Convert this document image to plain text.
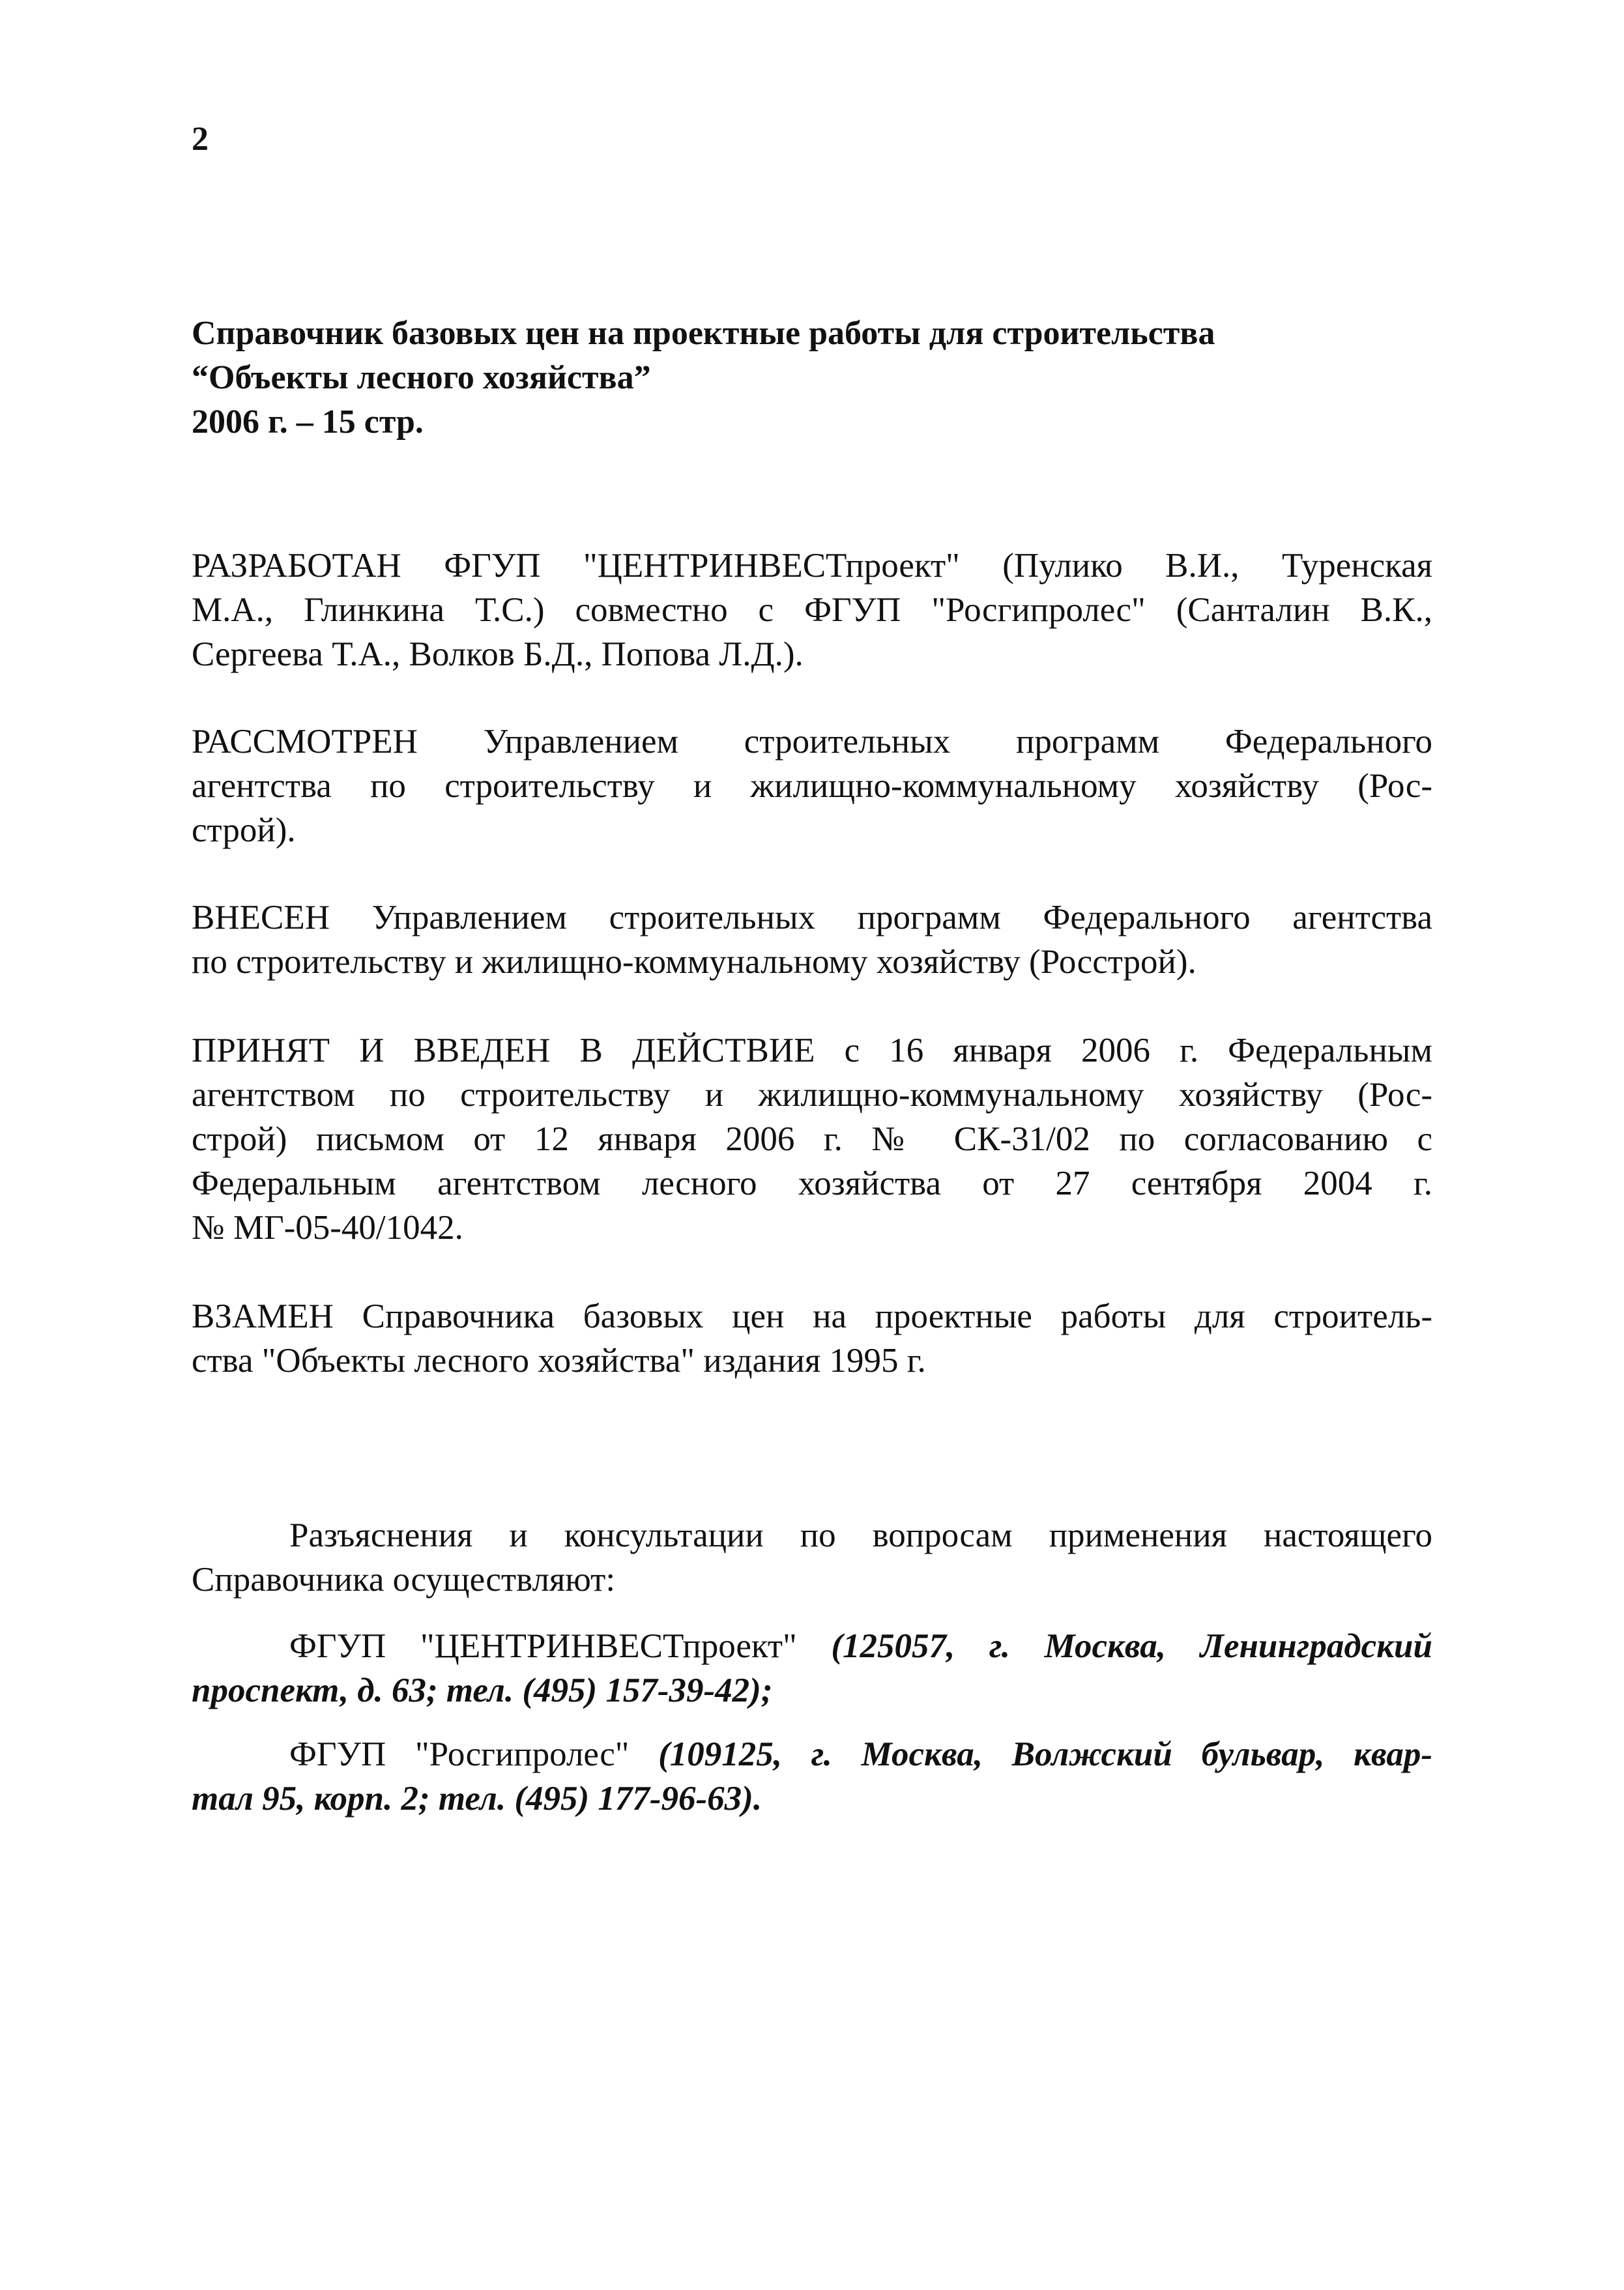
2
Справочник базовых цен на проектные работы для строительства
“Объекты лесного хозяйства”
2006 г. – 15 стр.
РАЗРАБОТАН ФГУП "ЦЕНТРИНВЕСТпроект" (Пулико В.И., Туренская
М.А., Глинкина Т.С.) совместно с ФГУП "Росгипролес" (Санталин В.К.,
Сергеева Т.А., Волков Б.Д., Попова Л.Д.).
РАССМОТРЕН Управлением строительных программ Федерального
агентства по строительству и жилищно-коммунальному хозяйству (Рос-
строй).
ВНЕСЕН Управлением строительных программ Федерального агентства
по строительству и жилищно-коммунальному хозяйству (Росстрой).
ПРИНЯТ И ВВЕДЕН В ДЕЙСТВИЕ с 16 января 2006 г. Федеральным
агентством по строительству и жилищно-коммунальному хозяйству (Рос-
строй) письмом от 12 января 2006 г. № СК-31/02 по согласованию с
Федеральным агентством лесного хозяйства от 27 сентября 2004 г.
№ МГ-05-40/1042.
ВЗАМЕН Справочника базовых цен на проектные работы для строитель-
ства "Объекты лесного хозяйства" издания 1995 г.
Разъяснения и консультации по вопросам применения настоящего
Справочника осуществляют:
ФГУП "ЦЕНТРИНВЕСТпроект" (125057, г. Москва, Ленинградский
проспект, д. 63; тел. (495) 157-39-42);
ФГУП "Росгипролес" (109125, г. Москва, Волжский бульвар, квар-
тал 95, корп. 2; тел. (495) 177-96-63).
